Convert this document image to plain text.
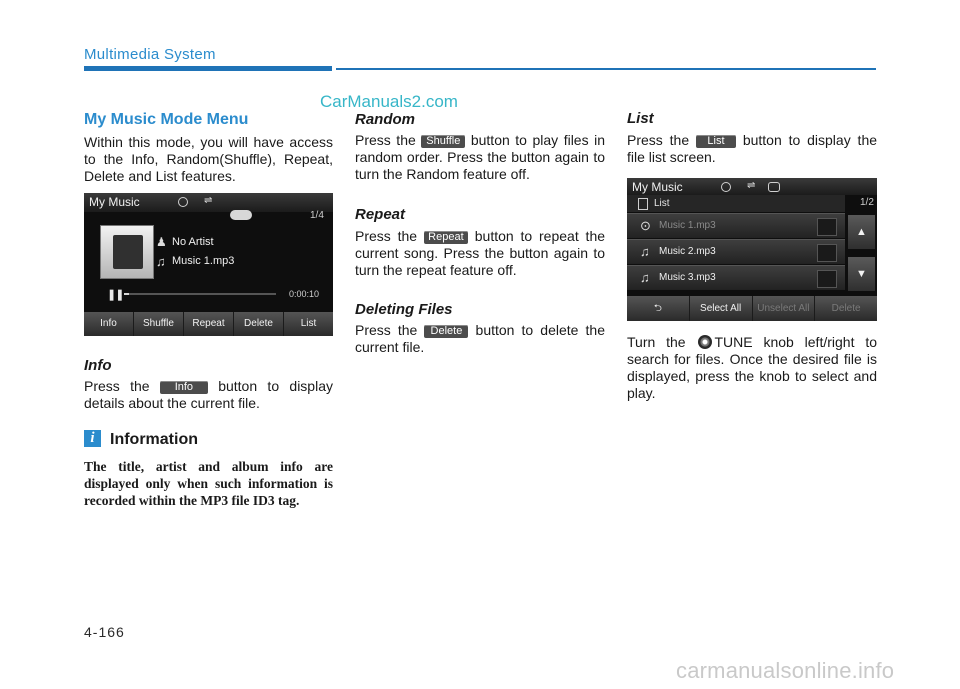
Multimedia System
CarManuals2.com
My Music Mode Menu

Within this mode, you will have access to the Info, Random(Shuffle), Repeat, Delete and List features.

My Music	⇌
1/4
♟ No Artist
♫ Music 1.mp3
❚❚	0:00:10
Info	Shuffle	Repeat	Delete	List
Info

Press the Info button to display details about the current file.

i Information
The title, artist and album info are displayed only when such information is recorded within the MP3 file ID3 tag.
Random

Press the Shuffle button to play files in random order. Press the button again to turn the Random feature off.

Repeat

Press the Repeat button to repeat the current song. Press the button again to turn the repeat feature off.

Deleting Files

Press the Delete button to delete the current file.

List

Press the List button to display the file list screen.

My Music	⇌
List	1/2
⊙ Music 1.mp3
♫ Music 2.mp3
♫ Music 3.mp3
▲
▼
⮌	Select All	Unselect All	Delete

Turn the TUNE knob left/right to search for files. Once the desired file is displayed, press the knob to select and play.

4-166
carmanualsonline.info
